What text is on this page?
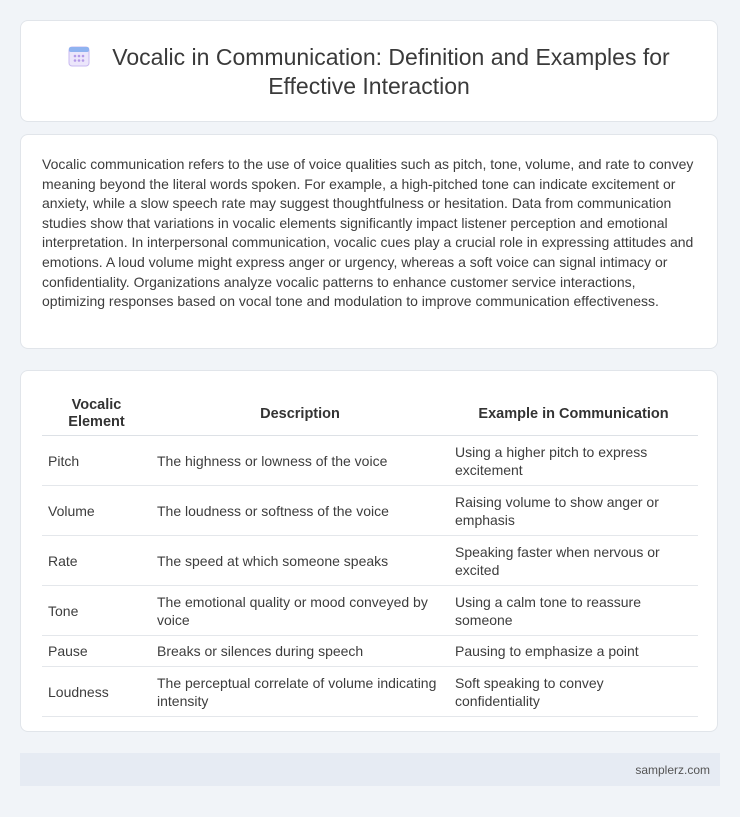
Vocalic in Communication: Definition and Examples for
Effective Interaction
Vocalic communication refers to the use of voice qualities such as pitch, tone, volume, and rate to convey meaning beyond the literal words spoken. For example, a high-pitched tone can indicate excitement or anxiety, while a slow speech rate may suggest thoughtfulness or hesitation. Data from communication studies show that variations in vocalic elements significantly impact listener perception and emotional interpretation. In interpersonal communication, vocalic cues play a crucial role in expressing attitudes and emotions. A loud volume might express anger or urgency, whereas a soft voice can signal intimacy or confidentiality. Organizations analyze vocalic patterns to enhance customer service interactions, optimizing responses based on vocal tone and modulation to improve communication effectiveness.
Vocalic Element	Description	Example in Communication
Pitch	The highness or lowness of the voice	Using a higher pitch to express excitement
Volume	The loudness or softness of the voice	Raising volume to show anger or emphasis
Rate	The speed at which someone speaks	Speaking faster when nervous or excited
Tone	The emotional quality or mood conveyed by voice	Using a calm tone to reassure someone
Pause	Breaks or silences during speech	Pausing to emphasize a point
Loudness	The perceptual correlate of volume indicating intensity	Soft speaking to convey confidentiality
samplerz.com
